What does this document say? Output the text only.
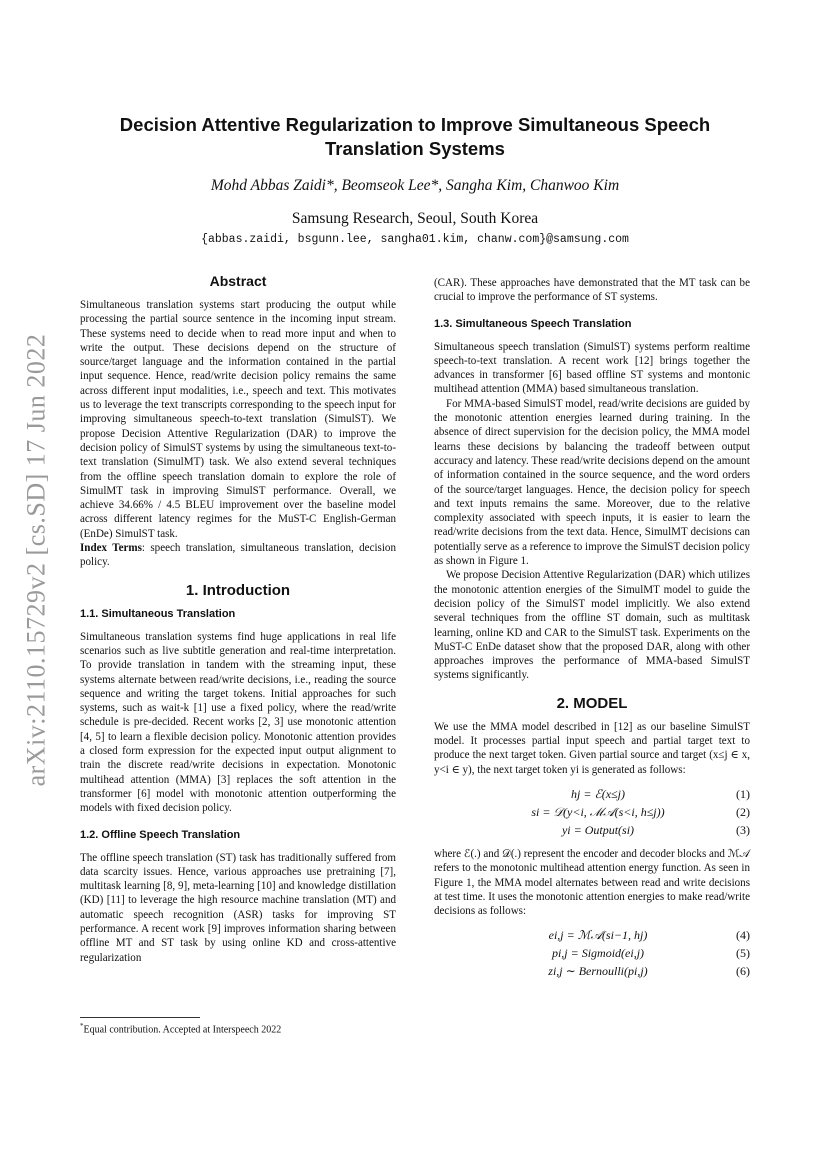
arXiv:2110.15729v2 [cs.SD] 17 Jun 2022
Decision Attentive Regularization to Improve Simultaneous Speech Translation Systems
Mohd Abbas Zaidi*, Beomseok Lee*, Sangha Kim, Chanwoo Kim
Samsung Research, Seoul, South Korea
{abbas.zaidi, bsgunn.lee, sangha01.kim, chanw.com}@samsung.com
Abstract

Simultaneous translation systems start producing the output while processing the partial source sentence in the incoming input stream. These systems need to decide when to read more input and when to write the output. These decisions depend on the structure of source/target language and the information contained in the partial input sequence. Hence, read/write decision policy remains the same across different input modalities, i.e., speech and text. This motivates us to leverage the text transcripts corresponding to the speech input for improving simultaneous speech-to-text translation (SimulST). We propose Decision Attentive Regularization (DAR) to improve the decision policy of SimulST systems by using the simultaneous text-to-text translation (SimulMT) task. We also extend several techniques from the offline speech translation domain to explore the role of SimulMT task in improving SimulST performance. Overall, we achieve 34.66% / 4.5 BLEU improvement over the baseline model across different latency regimes for the MuST-C English-German (EnDe) SimulST task.

Index Terms: speech translation, simultaneous translation, decision policy.

1. Introduction
1.1. Simultaneous Translation

Simultaneous translation systems find huge applications in real life scenarios such as live subtitle generation and real-time interpretation. To provide translation in tandem with the streaming input, these systems alternate between read/write decisions, i.e., reading the source sequence and writing the target tokens. Initial approaches for such systems, such as wait-k [1] use a fixed policy, where the read/write schedule is pre-decided. Recent works [2, 3] use monotonic attention [4, 5] to learn a flexible decision policy. Monotonic attention provides a closed form expression for the expected input output alignment to train the discrete read/write decisions in expectation. Monotonic multihead attention (MMA) [3] replaces the soft attention in the transformer [6] model with monotonic attention outperforming the models with fixed decision policy.

1.2. Offline Speech Translation

The offline speech translation (ST) task has traditionally suffered from data scarcity issues. Hence, various approaches use pretraining [7], multitask learning [8, 9], meta-learning [10] and knowledge distillation (KD) [11] to leverage the high resource machine translation (MT) and automatic speech recognition (ASR) tasks for improving ST performance. A recent work [9] improves information sharing between offline MT and ST task by using online KD and cross-attentive regularization

(CAR). These approaches have demonstrated that the MT task can be crucial to improve the performance of ST systems.

1.3. Simultaneous Speech Translation

Simultaneous speech translation (SimulST) systems perform realtime speech-to-text translation. A recent work [12] brings together the advances in transformer [6] based offline ST systems and montonic multihead attention (MMA) based simultaneous translation.

For MMA-based SimulST model, read/write decisions are guided by the monotonic attention energies learned during training. In the absence of direct supervision for the decision policy, the MMA model learns these decisions by balancing the tradeoff between output accuracy and latency. These read/write decisions depend on the amount of information contained in the source sequence, and the word orders of the source/target languages. Hence, the decision policy for speech and text inputs remains the same. Moreover, due to the relative complexity associated with speech inputs, it is easier to learn the read/write decisions from the text data. Hence, SimulMT decisions can potentially serve as a reference to improve the SimulST decision policy as shown in Figure 1.

We propose Decision Attentive Regularization (DAR) which utilizes the monotonic attention energies of the SimulMT model to guide the decision policy of the SimulST model implicitly. We also extend several techniques from the offline ST domain, such as multitask learning, online KD and CAR to the SimulST task. Experiments on the MuST-C EnDe dataset show that the proposed DAR, along with other approaches improves the performance of MMA-based SimulST systems significantly.

2. MODEL

We use the MMA model described in [12] as our baseline SimulST model. It processes partial input speech and partial target text to produce the next target token. Given partial source and target (x≤j ∈ x, y<i ∈ y), the next target token yi is generated as follows:

hj = ℰ(x≤j)	(1)
si = 𝒟(y<i, ℳ𝒜(s<i, h≤j))	(2)
yi = Output(si)	(3)

where ℰ(.) and 𝒟(.) represent the encoder and decoder blocks and ℳ𝒜 refers to the monotonic multihead attention energy function. As seen in Figure 1, the MMA model alternates between read and write decisions at test time. It uses the monotonic attention energies to make read/write decisions as follows:

ei,j = ℳ𝒜(si−1, hj)	(4)
pi,j = Sigmoid(ei,j)	(5)
zi,j ∼ Bernoulli(pi,j)	(6)
*Equal contribution. Accepted at Interspeech 2022
